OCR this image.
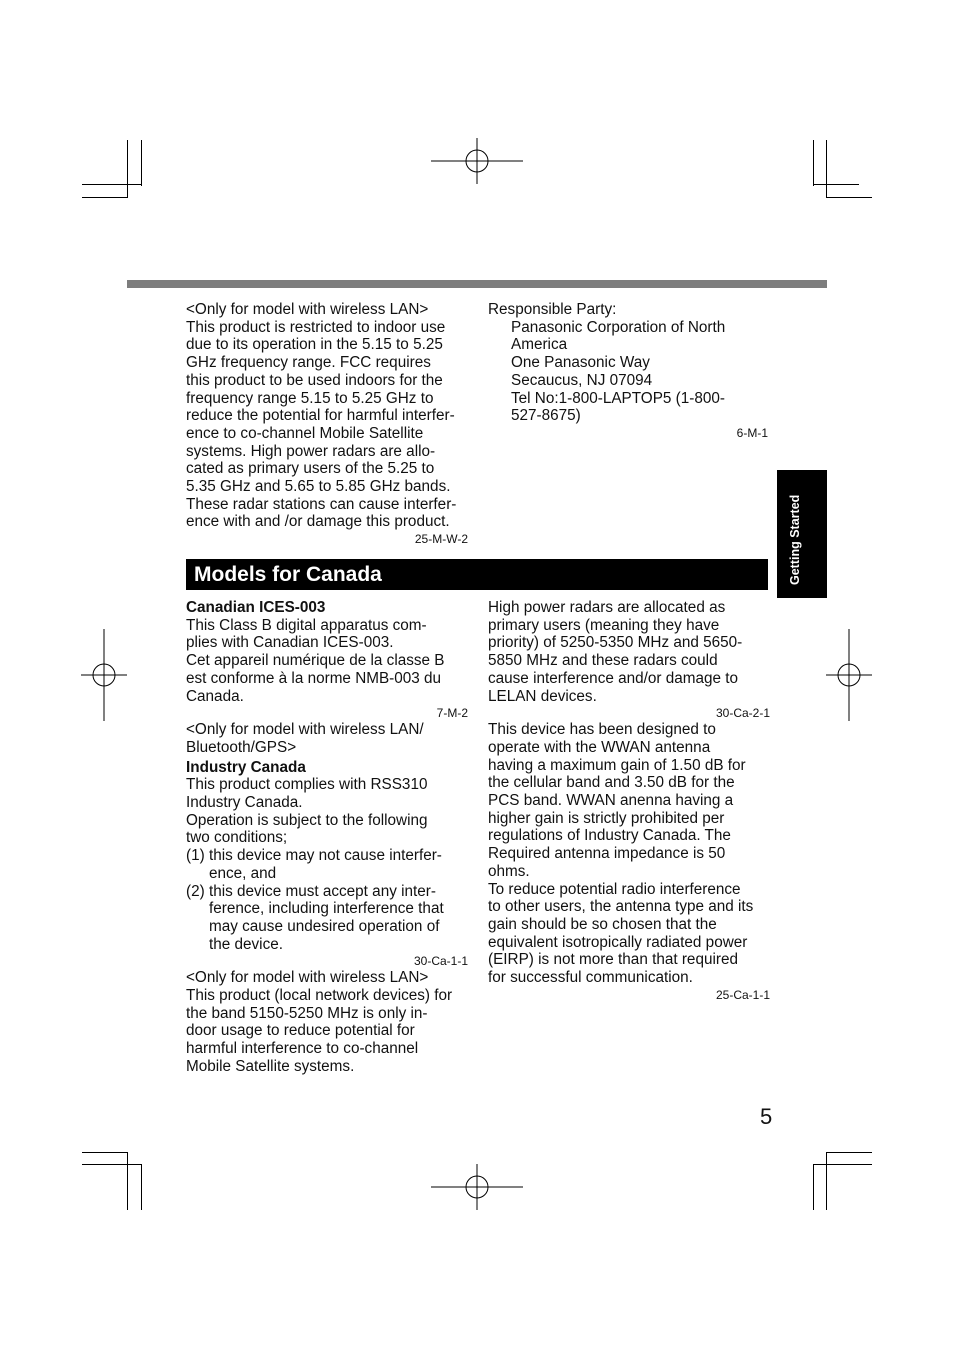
<Only for model with wireless LAN>

This product is restricted to indoor use

due to its operation in the 5.15 to 5.25

GHz frequency range. FCC requires

this product to be used indoors for the

frequency range 5.15 to 5.25 GHz to

reduce the potential for harmful interfer-

ence to co-channel Mobile Satellite

systems. High power radars are allo-

cated as primary users of the 5.25 to

5.35 GHz and 5.65 to 5.85 GHz bands.

These radar stations can cause interfer-

ence with and /or damage this product.

25-M-W-2

Responsible Party:

Panasonic Corporation of North

America

One Panasonic Way

Secaucus, NJ 07094

Tel No:1-800-LAPTOP5 (1-800-

527-8675)

6-M-1

Getting Started
Models for Canada

Canadian ICES-003

This Class B digital apparatus com-

plies with Canadian ICES-003.

Cet appareil numérique de la classe B

est conforme à la norme NMB-003 du

Canada.

7-M-2

<Only for model with wireless LAN/

Bluetooth/GPS>

Industry Canada

This product complies with RSS310

Industry Canada.

Operation is subject to the following

two conditions;

(1) this device may not cause interfer-

ence, and

(2) this device must accept any inter-

ference, including interference that

may cause undesired operation of

the device.

30-Ca-1-1

<Only for model with wireless LAN>

This product (local network devices) for

the band 5150-5250 MHz is only in-

door usage to reduce potential for

harmful interference to co-channel

Mobile Satellite systems.

High power radars are allocated as

primary users (meaning they have

priority) of 5250-5350 MHz and 5650-

5850 MHz and these radars could

cause interference and/or damage to

LELAN devices.

30-Ca-2-1

This device has been designed to

operate with the WWAN antenna

having a maximum gain of 1.50 dB for

the cellular band and 3.50 dB for the

PCS band. WWAN anenna having a

higher gain is strictly prohibited per

regulations of Industry Canada. The

Required antenna impedance is 50

ohms.

To reduce potential radio interference

to other users, the antenna type and its

gain should be so chosen that the

equivalent isotropically radiated power

(EIRP) is not more than that required

for successful communication.

25-Ca-1-1

5
